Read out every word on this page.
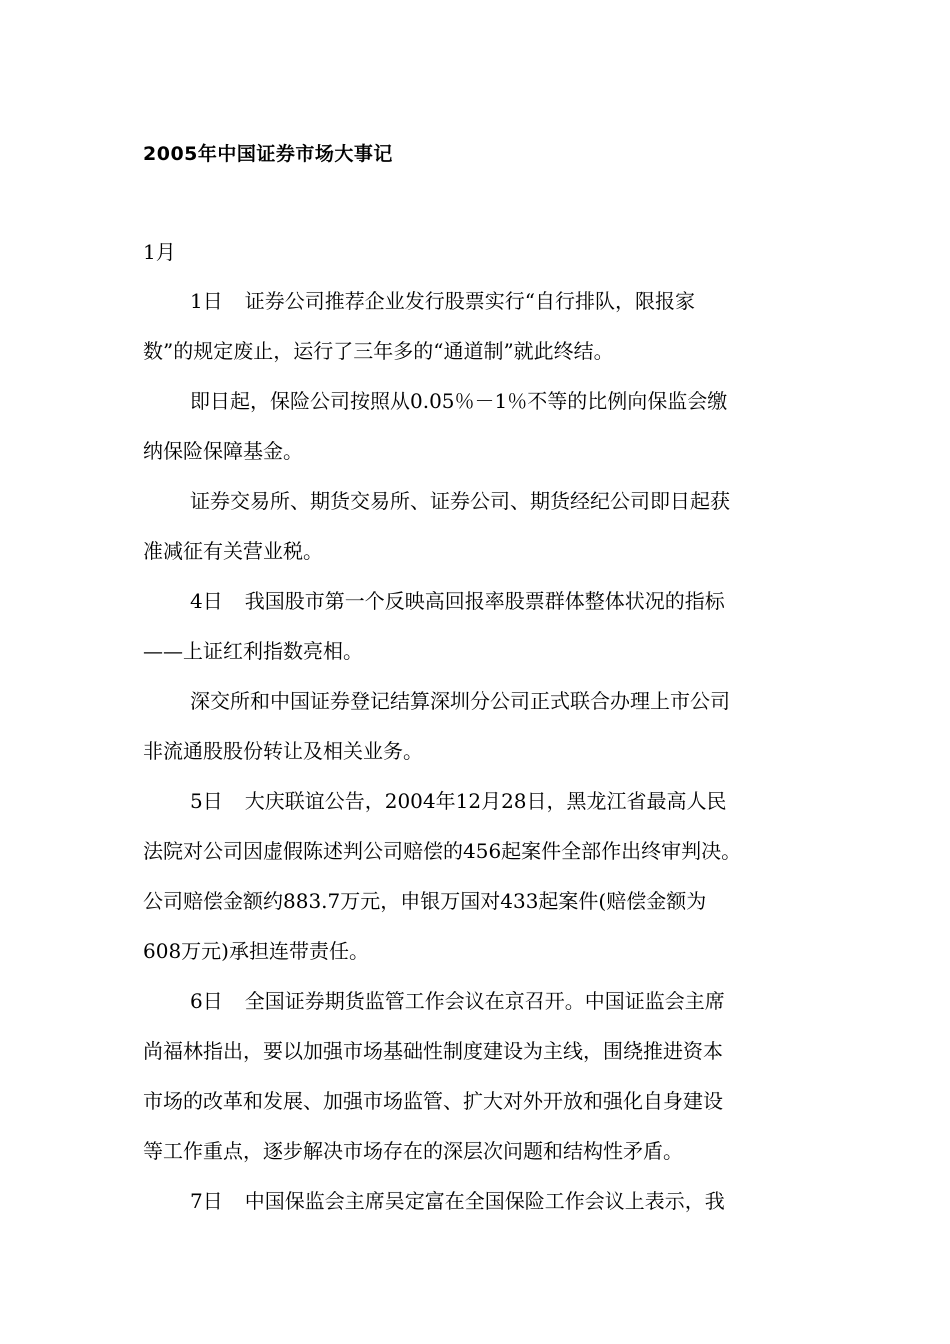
2005年中国证券市场大事记
1月
1日 证券公司推荐企业发行股票实行“自行排队，限报家
数”的规定废止，运行了三年多的“通道制”就此终结。
即日起，保险公司按照从0.05％－1％不等的比例向保监会缴
纳保险保障基金。
证券交易所、期货交易所、证券公司、期货经纪公司即日起获
准减征有关营业税。
4日 我国股市第一个反映高回报率股票群体整体状况的指标
——上证红利指数亮相。
深交所和中国证券登记结算深圳分公司正式联合办理上市公司
非流通股股份转让及相关业务。
5日 大庆联谊公告，2004年12月28日，黑龙江省最高人民
法院对公司因虚假陈述判公司赔偿的456起案件全部作出终审判决。
公司赔偿金额约883.7万元，申银万国对433起案件(赔偿金额为
608万元)承担连带责任。
6日 全国证券期货监管工作会议在京召开。中国证监会主席
尚福林指出，要以加强市场基础性制度建设为主线，围绕推进资本
市场的改革和发展、加强市场监管、扩大对外开放和强化自身建设
等工作重点，逐步解决市场存在的深层次问题和结构性矛盾。
7日 中国保监会主席吴定富在全国保险工作会议上表示，我
